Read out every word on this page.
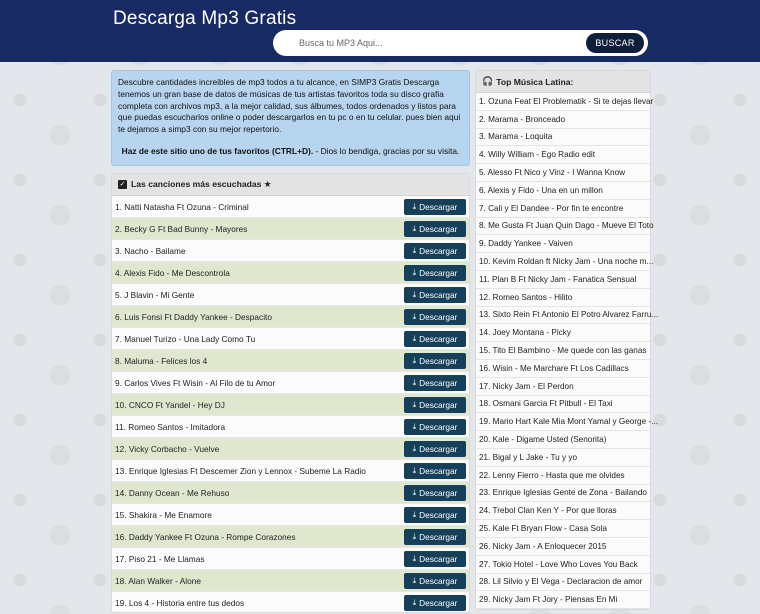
Descarga Mp3 Gratis
Busca tu MP3 Aqui...
BUSCAR

Descubre cantidades increibles de mp3 todos a tu alcance, en SIMP3 Gratis Descarga tenemos un gran base de datos de músicas de tus artistas favoritos toda su disco grafia completa con archivos mp3, a la mejor calidad, sus álbumes, todos ordenados y listos para que puedas escucharlos online o poder descargarlos en tu pc o en tu celular. pues bien aqui te dejamos a simp3 con su mejor repertorio.

Haz de este sitio uno de tus favoritos (CTRL+D). - Dios lo bendiga, gracias por su visita.

✓ Las canciones más escuchadas ★
1. Natti Natasha Ft Ozuna - Criminal	⤓ Descargar
2. Becky G Ft Bad Bunny - Mayores	⤓ Descargar
3. Nacho - Bailame	⤓ Descargar
4. Alexis Fido - Me Descontrola	⤓ Descargar
5. J Blavin - Mi Gente	⤓ Descargar
6. Luis Fonsi Ft Daddy Yankee - Despacito	⤓ Descargar
7. Manuel Turizo - Una Lady Como Tu	⤓ Descargar
8. Maluma - Felices los 4	⤓ Descargar
9. Carlos Vives Ft Wisin - Al Filo de tu Amor	⤓ Descargar
10. CNCO Ft Yandel - Hey DJ	⤓ Descargar
11. Romeo Santos - Imitadora	⤓ Descargar
12. Vicky Corbacho - Vuelve	⤓ Descargar
13. Enrique Iglesias Ft Descemer Zion y Lennox - Subeme La Radio	⤓ Descargar
14. Danny Ocean - Me Rehuso	⤓ Descargar
15. Shakira - Me Enamore	⤓ Descargar
16. Daddy Yankee Ft Ozuna - Rompe Corazones	⤓ Descargar
17. Piso 21 - Me Llamas	⤓ Descargar
18. Alan Walker - Alone	⤓ Descargar
19. Los 4 - Historia entre tus dedos	⤓ Descargar
🎧 Top Música Latina:
1. Ozuna Feat El Problematik - Si te dejas llevar
2. Marama - Bronceado
3. Marama - Loquita
4. Willy William - Ego Radio edit
5. Alesso Ft Nico y Vinz - I Wanna Know
6. Alexis y Fido - Una en un millon
7. Cali y El Dandee - Por fin te encontre
8. Me Gusta Ft Juan Quin Dago - Mueve El Toto
9. Daddy Yankee - Vaiven
10. Kevim Roldan ft Nicky Jam - Una noche m...
11. Plan B Ft Nicky Jam - Fanatica Sensual
12. Romeo Santos - Hilito
13. Sixto Rein Ft Antonio El Potro Alvarez Farru...
14. Joey Montana - Picky
15. Tito El Bambino - Me quede con las ganas
16. Wisin - Me Marchare Ft Los Cadillacs
17. Nicky Jam - El Perdon
18. Osmani Garcia Ft Pitbull - El Taxi
19. Mario Hart Kale Mia Mont Yamal y George -...
20. Kale - Digame Usted (Senorita)
21. Bigal y L Jake - Tu y yo
22. Lenny Fierro - Hasta que me olvides
23. Enrique Iglesias Gente de Zona - Bailando
24. Trebol Clan Ken Y - Por que lloras
25. Kale Ft Bryan Flow - Casa Sola
26. Nicky Jam - A Enloquecer 2015
27. Tokio Hotel - Love Who Loves You Back
28. Lil Silvio y El Vega - Declaracion de amor
29. Nicky Jam Ft Jory - Piensas En Mi
